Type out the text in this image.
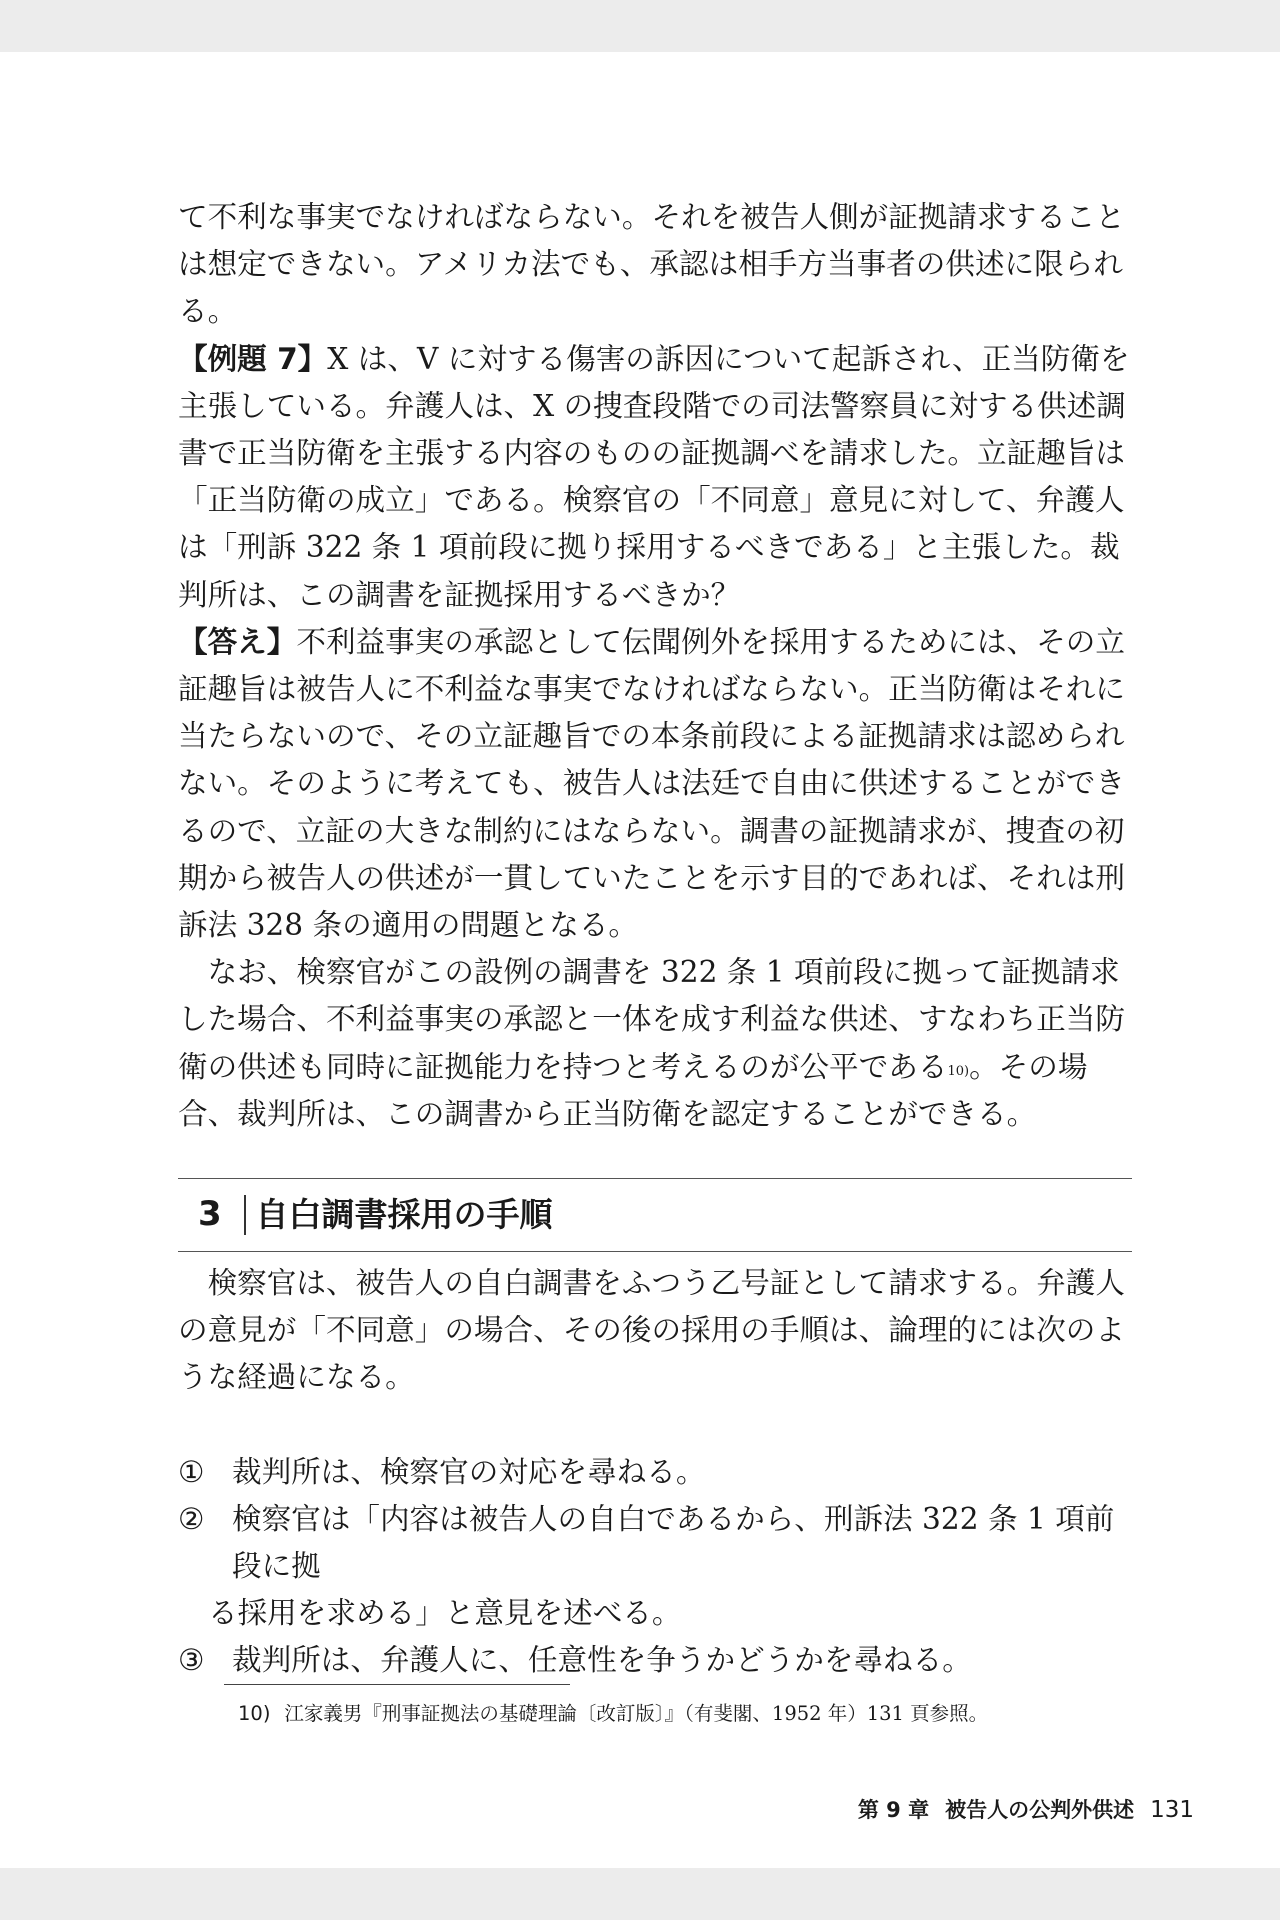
て不利な事実でなければならない。それを被告人側が証拠請求することは想定できない。アメリカ法でも、承認は相手方当事者の供述に限られる。

【例題 7】X は、V に対する傷害の訴因について起訴され、正当防衛を主張している。弁護人は、X の捜査段階での司法警察員に対する供述調書で正当防衛を主張する内容のものの証拠調べを請求した。立証趣旨は「正当防衛の成立」である。検察官の「不同意」意見に対して、弁護人は「刑訴 322 条 1 項前段に拠り採用するべきである」と主張した。裁判所は、この調書を証拠採用するべきか？

【答え】不利益事実の承認として伝聞例外を採用するためには、その立証趣旨は被告人に不利益な事実でなければならない。正当防衛はそれに当たらないので、その立証趣旨での本条前段による証拠請求は認められない。そのように考えても、被告人は法廷で自由に供述することができるので、立証の大きな制約にはならない。調書の証拠請求が、捜査の初期から被告人の供述が一貫していたことを示す目的であれば、それは刑訴法 328 条の適用の問題となる。

なお、検察官がこの設例の調書を 322 条 1 項前段に拠って証拠請求した場合、不利益事実の承認と一体を成す利益な供述、すなわち正当防衛の供述も同時に証拠能力を持つと考えるのが公平である$^{10)}$。その場合、裁判所は、この調書から正当防衛を認定することができる。

3	自白調書採用の手順

検察官は、被告人の自白調書をふつう乙号証として請求する。弁護人の意見が「不同意」の場合、その後の採用の手順は、論理的には次のような経過になる。

① 裁判所は、検察官の対応を尋ねる。
② 検察官は「内容は被告人の自白であるから、刑訴法 322 条 1 項前段に拠
る採用を求める」と意見を述べる。
③ 裁判所は、弁護人に、任意性を争うかどうかを尋ねる。
10) 江家義男『刑事証拠法の基礎理論〔改訂版〕』（有斐閣、1952 年）131 頁参照。
第 9 章 被告人の公判外供述 131
